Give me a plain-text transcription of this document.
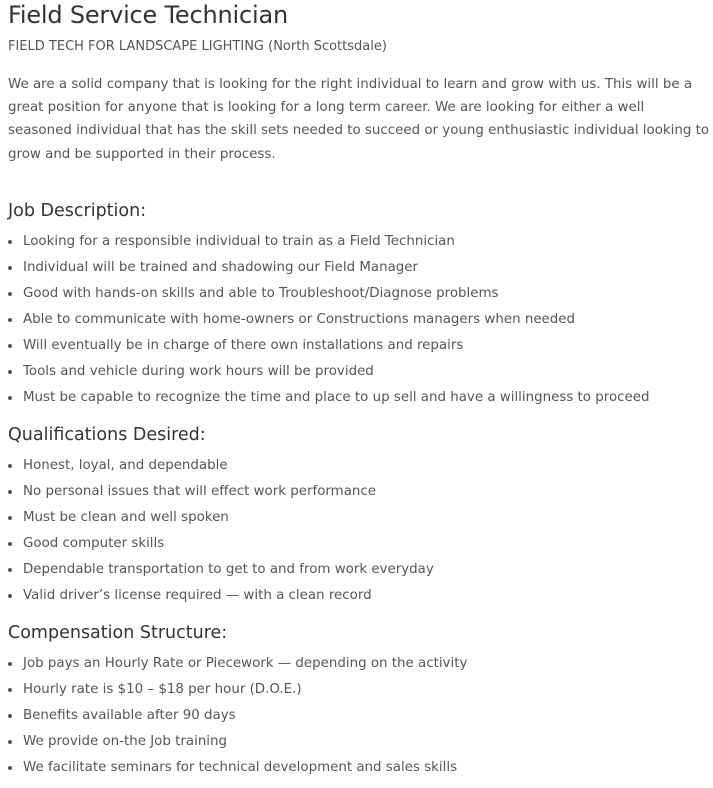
Field Service Technician
FIELD TECH FOR LANDSCAPE LIGHTING (North Scottsdale)

We are a solid company that is looking for the right individual to learn and grow with us. This will be a great position for anyone that is looking for a long term career. We are looking for either a well seasoned individual that has the skill sets needed to succeed or young enthusiastic individual looking to grow and be supported in their process.

Job Description:
Looking for a responsible individual to train as a Field Technician
Individual will be trained and shadowing our Field Manager
Good with hands-on skills and able to Troubleshoot/Diagnose problems
Able to communicate with home-owners or Constructions managers when needed
Will eventually be in charge of there own installations and repairs
Tools and vehicle during work hours will be provided
Must be capable to recognize the time and place to up sell and have a willingness to proceed
Qualifications Desired:
Honest, loyal, and dependable
No personal issues that will effect work performance
Must be clean and well spoken
Good computer skills
Dependable transportation to get to and from work everyday
Valid driver’s license required — with a clean record
Compensation Structure:
Job pays an Hourly Rate or Piecework — depending on the activity
Hourly rate is $10 – $18 per hour (D.O.E.)
Benefits available after 90 days
We provide on-the Job training
We facilitate seminars for technical development and sales skills
